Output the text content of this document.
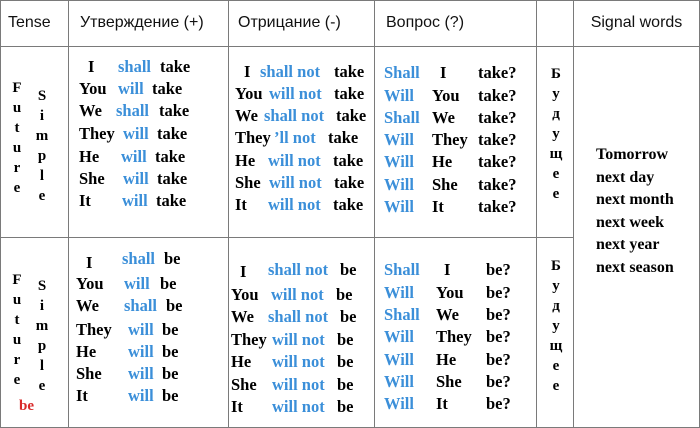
Tense Утверждение (+) Отрицание (-)	Вопрос (?)	Signal words
F
u
t
u
r
e
S
i
m
p
l
e
I shall take
You will take
We shall take
They will take
He will take
She will take
It will take
I shall not take
You will not take
We shall not take
They ’ll not take
He will not take
She will not take
It will not take
Shall I take?
Will You take?
Shall We take?
Will They take?
Will He take?
Will She take?
Will It take?
Б
у
д
у
щ
е
е
F
u
t
u
r
e
S
i
m
p
l
e
be
I shall be
You will be
We shall be
They will be
He will be
She will be
It will be
I shall not be
You will not be
We shall not be
They will not be
He will not be
She will not be
It will not be
Shall I be?
Will You be?
Shall We be?
Will They be?
Will He be?
Will She be?
Will It be?
Б
у
д
у
щ
е
е
Tomorrow
next day
next month
next week
next year
next season
